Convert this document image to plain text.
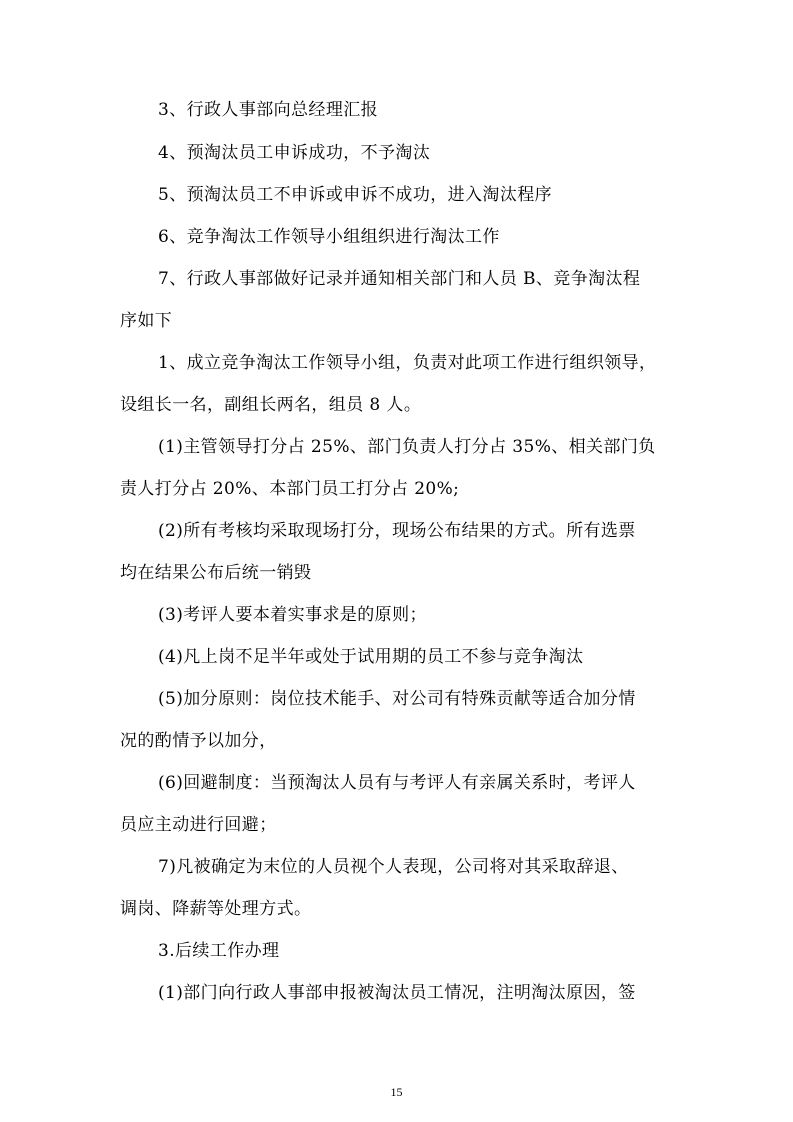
3、行政人事部向总经理汇报
4、预淘汰员工申诉成功，不予淘汰
5、预淘汰员工不申诉或申诉不成功，进入淘汰程序
6、竞争淘汰工作领导小组组织进行淘汰工作
7、行政人事部做好记录并通知相关部门和人员 B、竞争淘汰程
序如下
1、成立竞争淘汰工作领导小组，负责对此项工作进行组织领导，
设组长一名，副组长两名，组员 8 人。
(1)主管领导打分占 25%、部门负责人打分占 35%、相关部门负
责人打分占 20%、本部门员工打分占 20%;
(2)所有考核均采取现场打分，现场公布结果的方式。所有选票
均在结果公布后统一销毁
(3)考评人要本着实事求是的原则；
(4)凡上岗不足半年或处于试用期的员工不参与竞争淘汰
(5)加分原则：岗位技术能手、对公司有特殊贡献等适合加分情
况的酌情予以加分，
(6)回避制度：当预淘汰人员有与考评人有亲属关系时，考评人
员应主动进行回避；
7)凡被确定为末位的人员视个人表现，公司将对其采取辞退、
调岗、降薪等处理方式。
3.后续工作办理
(1)部门向行政人事部申报被淘汰员工情况，注明淘汰原因，签
15
